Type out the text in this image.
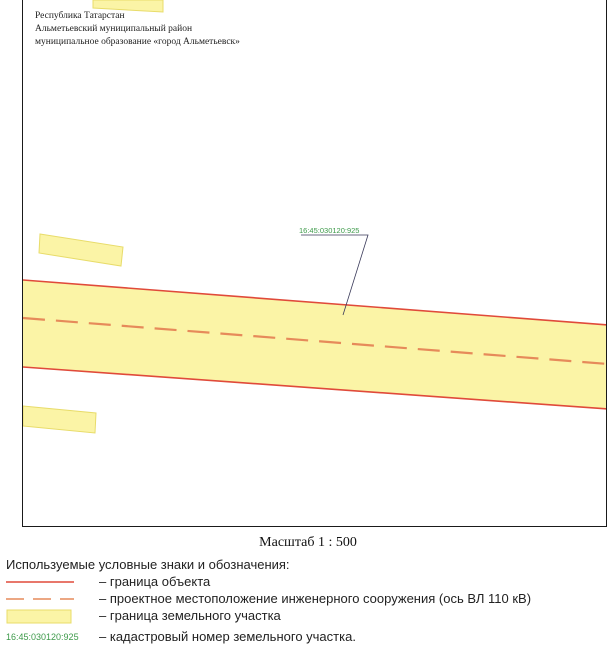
Республика Татарстан
Альметьевский муниципальный район
муниципальное образование «город Альметьевск»
16:45:030120:925
Масштаб 1 : 500
Используемые условные знаки и обозначения:
– граница объекта
– проектное местоположение инженерного сооружения (ось ВЛ 110 кВ)
– граница земельного участка
16:45:030120:925 – кадастровый номер земельного участка.
